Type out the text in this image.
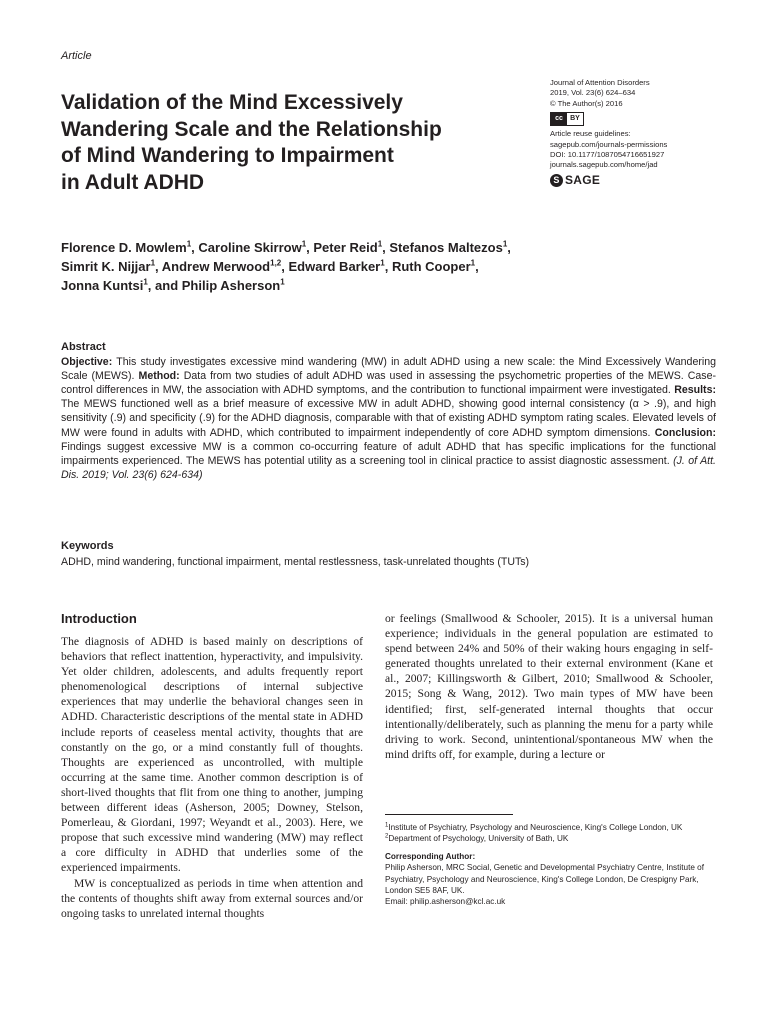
Article
Validation of the Mind Excessively
Wandering Scale and the Relationship
of Mind Wandering to Impairment
in Adult ADHD
Journal of Attention Disorders
2019, Vol. 23(6) 624–634
© The Author(s) 2016
cc	BY
Article reuse guidelines:
sagepub.com/journals-permissions
DOI: 10.1177/1087054716651927
journals.sagepub.com/home/jad
S SAGE
Florence D. Mowlem$^1$, Caroline Skirrow$^1$, Peter Reid$^1$, Stefanos Maltezos$^1$,
Simrit K. Nijjar$^1$, Andrew Merwood$^{1,2}$, Edward Barker$^1$, Ruth Cooper$^1$,
Jonna Kuntsi$^1$, and Philip Asherson$^1$
Abstract
Objective: This study investigates excessive mind wandering (MW) in adult ADHD using a new scale: the Mind Excessively Wandering Scale (MEWS). Method: Data from two studies of adult ADHD was used in assessing the psychometric properties of the MEWS. Case-control differences in MW, the association with ADHD symptoms, and the contribution to functional impairment were investigated. Results: The MEWS functioned well as a brief measure of excessive MW in adult ADHD, showing good internal consistency (α > .9), and high sensitivity (.9) and specificity (.9) for the ADHD diagnosis, comparable with that of existing ADHD symptom rating scales. Elevated levels of MW were found in adults with ADHD, which contributed to impairment independently of core ADHD symptom dimensions. Conclusion: Findings suggest excessive MW is a common co-occurring feature of adult ADHD that has specific implications for the functional impairments experienced. The MEWS has potential utility as a screening tool in clinical practice to assist diagnostic assessment. (J. of Att. Dis. 2019; Vol. 23(6) 624-634)
Keywords
ADHD, mind wandering, functional impairment, mental restlessness, task-unrelated thoughts (TUTs)
Introduction

The diagnosis of ADHD is based mainly on descriptions of behaviors that reflect inattention, hyperactivity, and impulsivity. Yet older children, adolescents, and adults frequently report phenomenological descriptions of internal subjective experiences that may underlie the behavioral changes seen in ADHD. Characteristic descriptions of the mental state in ADHD include reports of ceaseless mental activity, thoughts that are constantly on the go, or a mind constantly full of thoughts. Thoughts are experienced as uncontrolled, with multiple occurring at the same time. Another common description is of short-lived thoughts that flit from one thing to another, jumping between different ideas (Asherson, 2005; Downey, Stelson, Pomerleau, & Giordani, 1997; Weyandt et al., 2003). Here, we propose that such excessive mind wandering (MW) may reflect a core difficulty in ADHD that underlies some of the experienced impairments.

MW is conceptualized as periods in time when attention and the contents of thoughts shift away from external sources and/or ongoing tasks to unrelated internal thoughts

or feelings (Smallwood & Schooler, 2015). It is a universal human experience; individuals in the general population are estimated to spend between 24% and 50% of their waking hours engaging in self-generated thoughts unrelated to their external environment (Kane et al., 2007; Killingsworth & Gilbert, 2010; Smallwood & Schooler, 2015; Song & Wang, 2012). Two main types of MW have been identified; first, self-generated internal thoughts that occur intentionally/deliberately, such as planning the menu for a party while driving to work. Second, unintentional/spontaneous MW when the mind drifts off, for example, during a lecture or

$^1$Institute of Psychiatry, Psychology and Neuroscience, King's College London, UK
$^2$Department of Psychology, University of Bath, UK
Corresponding Author:
Philip Asherson, MRC Social, Genetic and Developmental Psychiatry Centre, Institute of Psychiatry, Psychology and Neuroscience, King's College London, De Crespigny Park, London SE5 8AF, UK.
Email: philip.asherson@kcl.ac.uk
